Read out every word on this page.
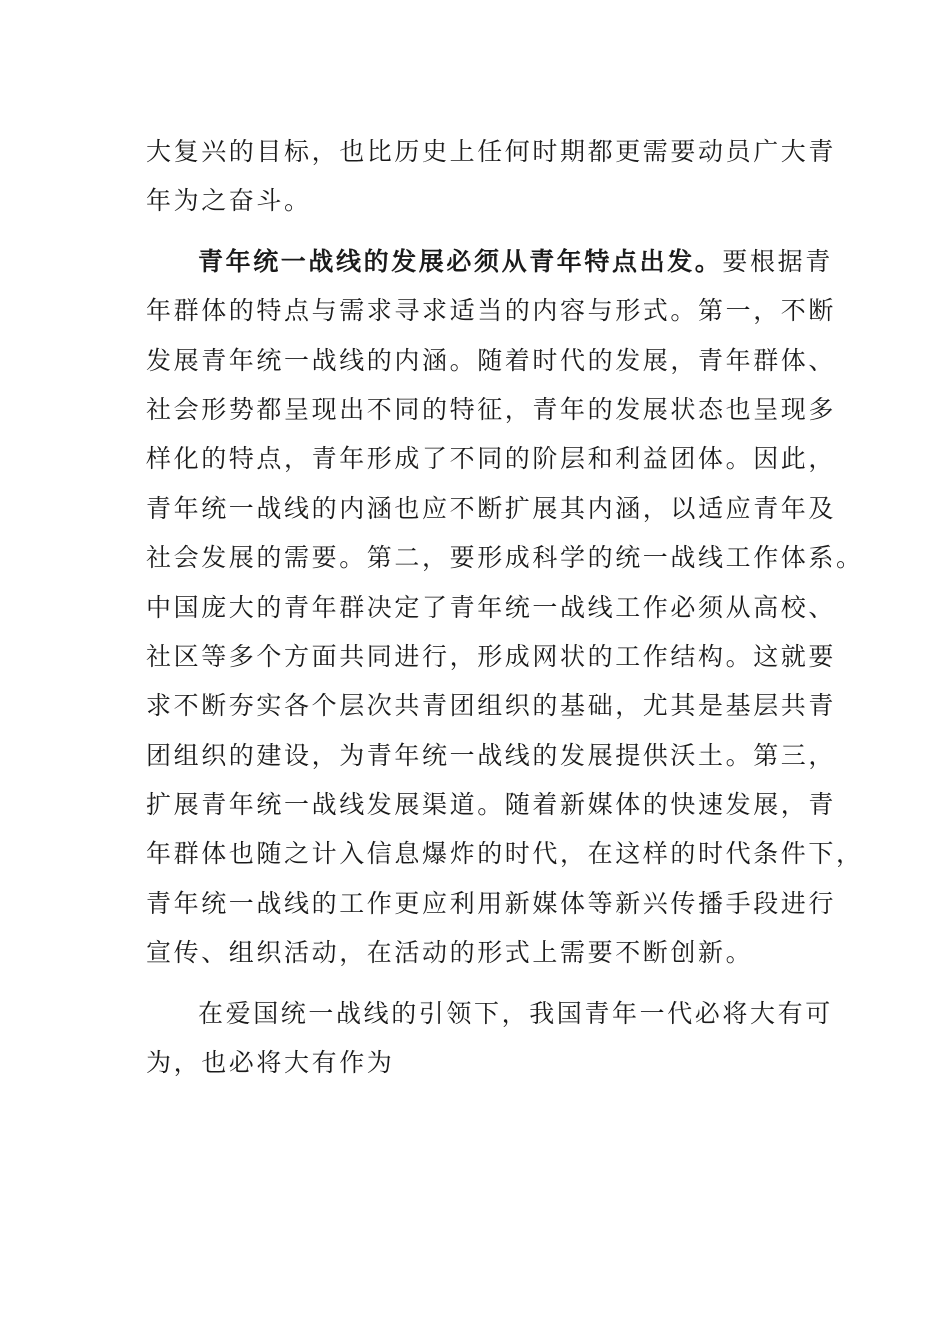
大复兴的目标，也比历史上任何时期都更需要动员广大青
年为之奋斗。
青年统一战线的发展必须从青年特点出发。要根据青
年群体的特点与需求寻求适当的内容与形式。第一，不断
发展青年统一战线的内涵。随着时代的发展，青年群体、
社会形势都呈现出不同的特征，青年的发展状态也呈现多
样化的特点，青年形成了不同的阶层和利益团体。因此，
青年统一战线的内涵也应不断扩展其内涵，以适应青年及
社会发展的需要。第二，要形成科学的统一战线工作体系。
中国庞大的青年群决定了青年统一战线工作必须从高校、
社区等多个方面共同进行，形成网状的工作结构。这就要
求不断夯实各个层次共青团组织的基础，尤其是基层共青
团组织的建设，为青年统一战线的发展提供沃土。第三，
扩展青年统一战线发展渠道。随着新媒体的快速发展，青
年群体也随之计入信息爆炸的时代，在这样的时代条件下，
青年统一战线的工作更应利用新媒体等新兴传播手段进行
宣传、组织活动，在活动的形式上需要不断创新。
在爱国统一战线的引领下，我国青年一代必将大有可
为，也必将大有作为
